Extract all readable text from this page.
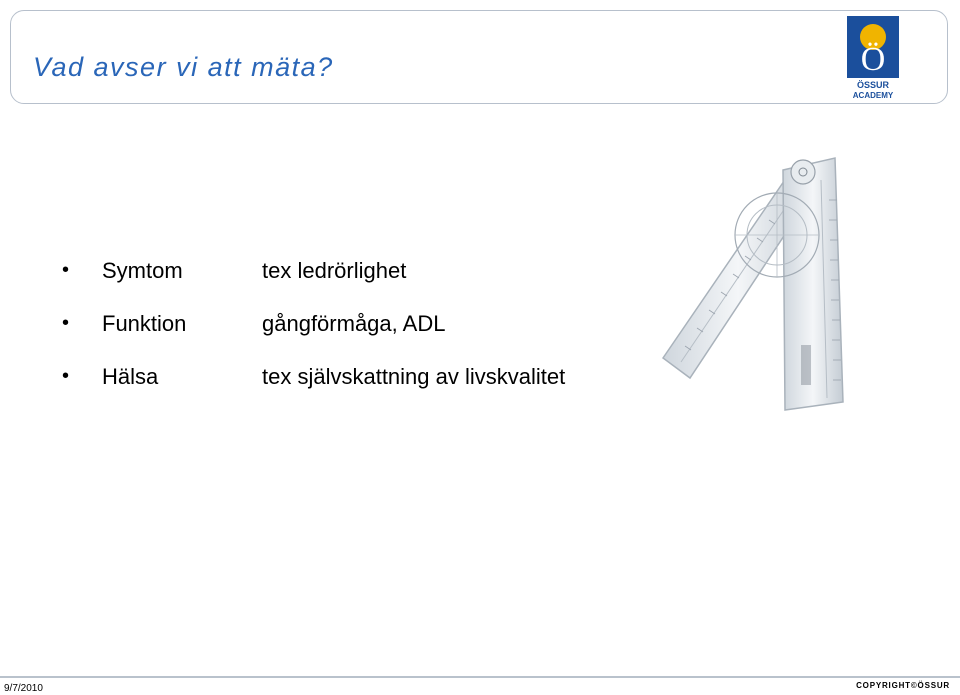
Vad avser vi att mäta?	Ö
ÖSSUR
ACADEMY
• Symtom	tex ledrörlighet
• Funktion	gångförmåga, ADL
• Hälsa	tex självskattning av livskvalitet
9/7/2010	COPYRIGHT©ÖSSUR
